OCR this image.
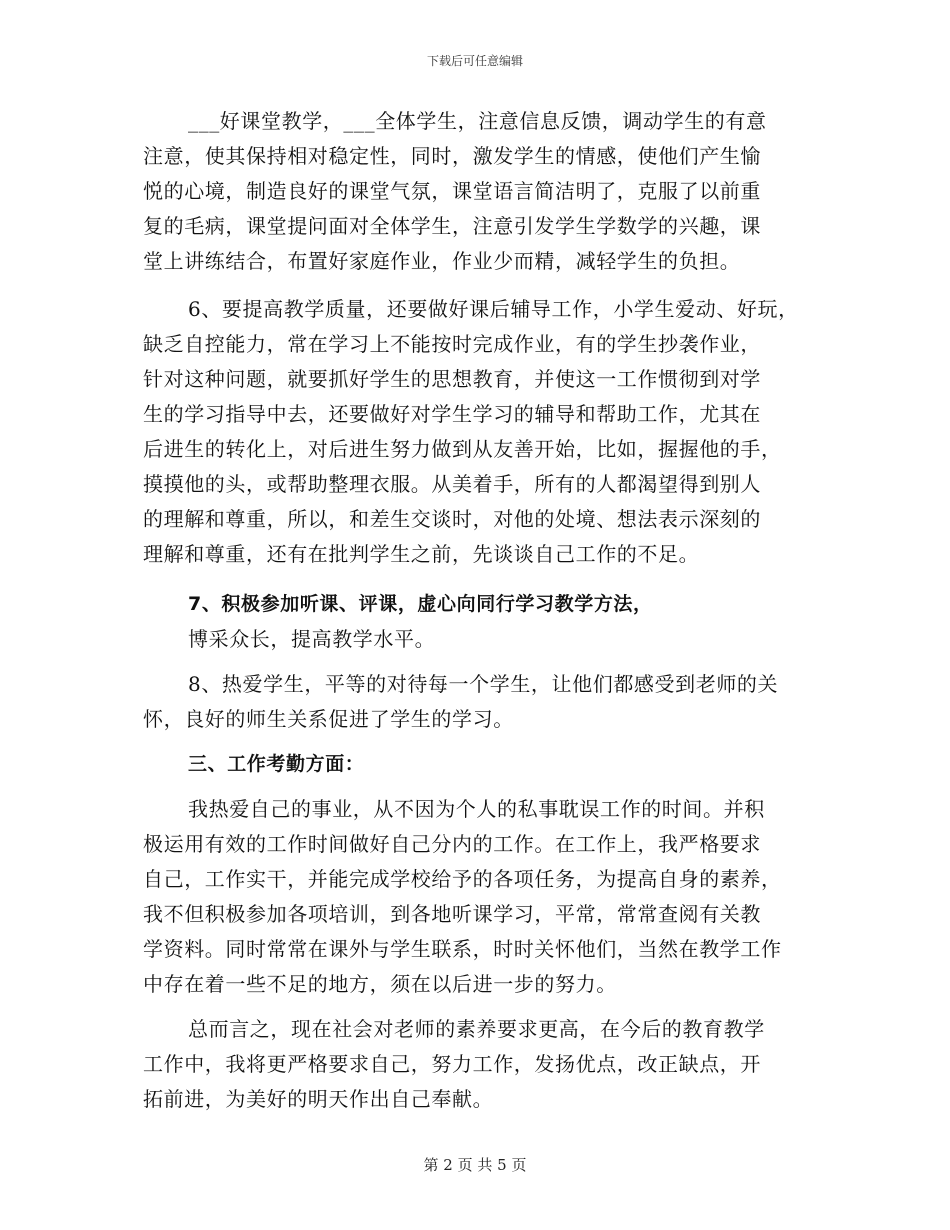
下载后可任意编辑
___好课堂教学，___全体学生，注意信息反馈，调动学生的有意
注意，使其保持相对稳定性，同时，激发学生的情感，使他们产生愉
悦的心境，制造良好的课堂气氛，课堂语言简洁明了，克服了以前重
复的毛病，课堂提问面对全体学生，注意引发学生学数学的兴趣，课
堂上讲练结合，布置好家庭作业，作业少而精，减轻学生的负担。
6、要提高教学质量，还要做好课后辅导工作，小学生爱动、好玩，
缺乏自控能力，常在学习上不能按时完成作业，有的学生抄袭作业，
针对这种问题，就要抓好学生的思想教育，并使这一工作惯彻到对学
生的学习指导中去，还要做好对学生学习的辅导和帮助工作，尤其在
后进生的转化上，对后进生努力做到从友善开始，比如，握握他的手，
摸摸他的头，或帮助整理衣服。从美着手，所有的人都渴望得到别人
的理解和尊重，所以，和差生交谈时，对他的处境、想法表示深刻的
理解和尊重，还有在批判学生之前，先谈谈自己工作的不足。
7、积极参加听课、评课，虚心向同行学习教学方法，
博采众长，提高教学水平。
8、热爱学生，平等的对待每一个学生，让他们都感受到老师的关
怀，良好的师生关系促进了学生的学习。
三、工作考勤方面：
我热爱自己的事业，从不因为个人的私事耽误工作的时间。并积
极运用有效的工作时间做好自己分内的工作。在工作上，我严格要求
自己，工作实干，并能完成学校给予的各项任务，为提高自身的素养，
我不但积极参加各项培训，到各地听课学习，平常，常常查阅有关教
学资料。同时常常在课外与学生联系，时时关怀他们，当然在教学工作
中存在着一些不足的地方，须在以后进一步的努力。
总而言之，现在社会对老师的素养要求更高，在今后的教育教学
工作中，我将更严格要求自己，努力工作，发扬优点，改正缺点，开
拓前进，为美好的明天作出自己奉献。
第 2 页 共 5 页
